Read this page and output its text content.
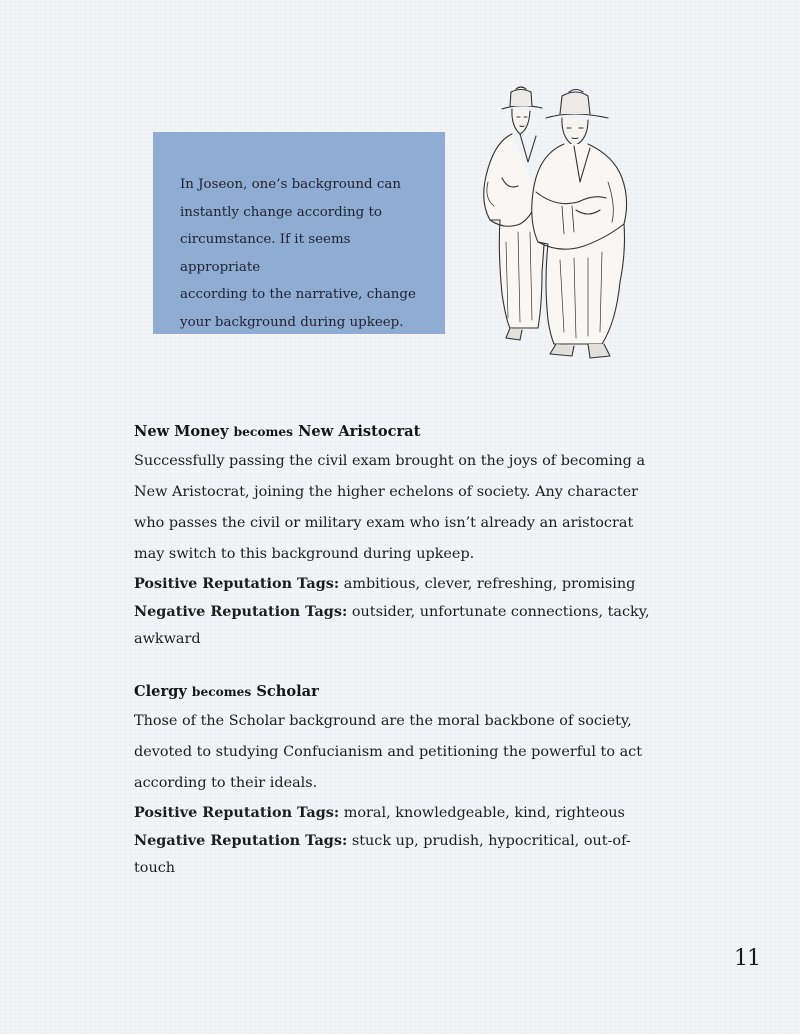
In Joseon, one’s background can

instantly change according to

circumstance. If it seems appropriate

according to the narrative, change

your background during upkeep.

New Money becomes New Aristocrat

Successfully passing the civil exam brought on the joys of becoming a
New Aristocrat, joining the higher echelons of society. Any character
who passes the civil or military exam who isn’t already an aristocrat
may switch to this background during upkeep.

Positive Reputation Tags: ambitious, clever, refreshing, promising

Negative Reputation Tags: outsider, unfortunate connections, tacky,

awkward

Clergy becomes Scholar

Those of the Scholar background are the moral backbone of society,
devoted to studying Confucianism and petitioning the powerful to act
according to their ideals.

Positive Reputation Tags: moral, knowledgeable, kind, righteous

Negative Reputation Tags: stuck up, prudish, hypocritical, out-of-

touch

11
